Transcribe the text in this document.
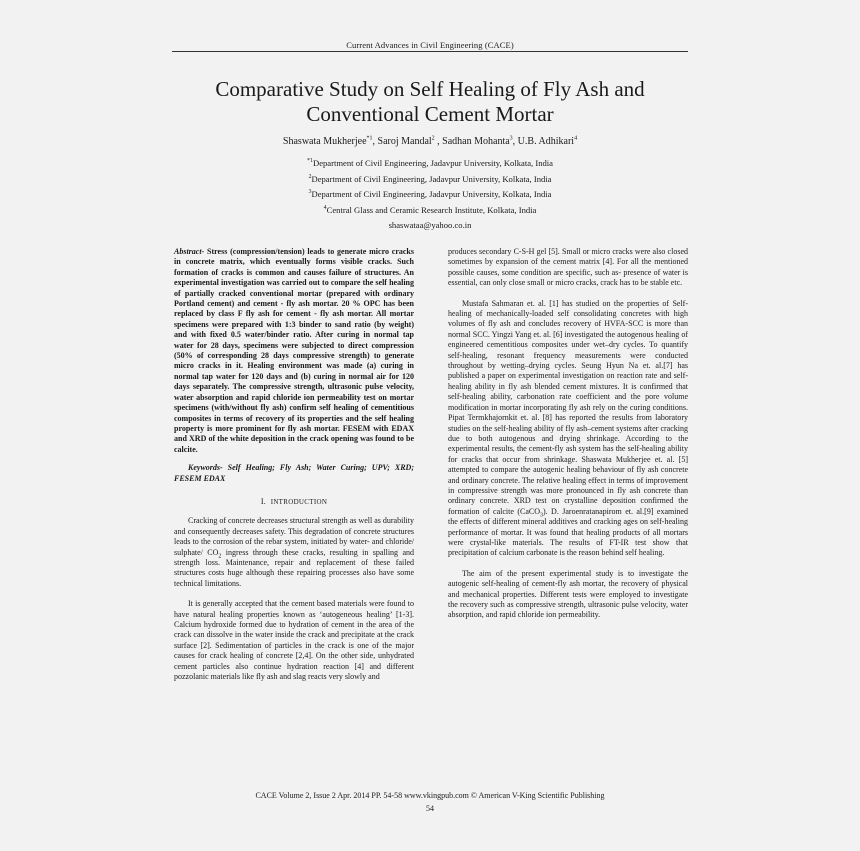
Current Advances in Civil Engineering (CACE)
Comparative Study on Self Healing of Fly Ash and
Conventional Cement Mortar
Shaswata Mukherjee$^{*1}$, Saroj Mandal$^2$ , Sadhan Mohanta$^3$, U.B. Adhikari$^4$
$^{*1}$Department of Civil Engineering, Jadavpur University, Kolkata, India
$^2$Department of Civil Engineering, Jadavpur University, Kolkata, India
$^3$Department of Civil Engineering, Jadavpur University, Kolkata, India
$^4$Central Glass and Ceramic Research Institute, Kolkata, India
shaswataa@yahoo.co.in

Abstract- Stress (compression/tension) leads to generate micro cracks in concrete matrix, which eventually forms visible cracks. Such formation of cracks is common and causes failure of structures. An experimental investigation was carried out to compare the self healing of partially cracked conventional mortar (prepared with ordinary Portland cement) and cement - fly ash mortar. 20 % OPC has been replaced by class F fly ash for cement - fly ash mortar. All mortar specimens were prepared with 1:3 binder to sand ratio (by weight) and with fixed 0.5 water/binder ratio. After curing in normal tap water for 28 days, specimens were subjected to direct compression (50% of corresponding 28 days compressive strength) to generate micro cracks in it. Healing environment was made (a) curing in normal tap water for 120 days and (b) curing in normal air for 120 days separately. The compressive strength, ultrasonic pulse velocity, water absorption and rapid chloride ion permeability test on mortar specimens (with/without fly ash) confirm self healing of cementitious composites in terms of recovery of its properties and the self healing property is more prominent for fly ash mortar. FESEM with EDAX and XRD of the white deposition in the crack opening was found to be calcite.

Keywords- Self Healing; Fly Ash; Water Curing; UPV; XRD; FESEM EDAX

I. INTRODUCTION

Cracking of concrete decreases structural strength as well as durability and consequently decreases safety. This degradation of concrete structures leads to the corrosion of the rebar system, initiated by water- and chloride/ sulphate/ $CO_2$ ingress through these cracks, resulting in spalling and strength loss. Maintenance, repair and replacement of these failed structures costs huge although these repairing processes also have some technical limitations.

It is generally accepted that the cement based materials were found to have natural healing properties known as ‘autogeneous healing’ [1-3]. Calcium hydroxide formed due to hydration of cement in the area of the crack can dissolve in the water inside the crack and precipitate at the crack surface [2]. Sedimentation of particles in the crack is one of the major causes for crack healing of concrete [2,4]. On the other side, unhydrated cement particles also continue hydration reaction [4] and different pozzolanic materials like fly ash and slag reacts very slowly and

produces secondary C-S-H gel [5]. Small or micro cracks were also closed sometimes by expansion of the cement matrix [4]. For all the mentioned possible causes, some condition are specific, such as- presence of water is essential, can only close small or micro cracks, crack has to be stable etc.

Mustafa Sahmaran et. al. [1] has studied on the properties of Self-healing of mechanically-loaded self consolidating concretes with high volumes of fly ash and concludes recovery of HVFA-SCC is more than normal SCC. Yingzi Yang et. al. [6] investigated the autogenous healing of engineered cementitious composites under wet–dry cycles. To quantify self-healing, resonant frequency measurements were conducted throughout by wetting–drying cycles. Seung Hyun Na et. al.[7] has published a paper on experimental investigation on reaction rate and self-healing ability in fly ash blended cement mixtures. It is confirmed that self-healing ability, carbonation rate coefficient and the pore volume modification in mortar incorporating fly ash rely on the curing conditions. Pipat Termkhajornkit et. al. [8] has reported the results from laboratory studies on the self-healing ability of fly ash–cement systems after cracking due to both autogenous and drying shrinkage. According to the experimental results, the cement-fly ash system has the self-healing ability for cracks that occur from shrinkage. Shaswata Mukherjee et. al. [5] attempted to compare the autogenic healing behaviour of fly ash concrete and ordinary concrete. The relative healing effect in terms of improvement in compressive strength was more pronounced in fly ash concrete than ordinary concrete. XRD test on crystalline deposition confirmed the formation of calcite (CaCO$_3$). D. Jaroenratanapirom et. al.[9] examined the effects of different mineral additives and cracking ages on self-healing performance of mortar. It was found that healing products of all mortars were crystal-like materials. The results of FT-IR test show that precipitation of calcium carbonate is the reason behind self healing.

The aim of the present experimental study is to investigate the autogenic self-healing of cement-fly ash mortar, the recovery of physical and mechanical properties. Different tests were employed to investigate the recovery such as compressive strength, ultrasonic pulse velocity, water absorption, and rapid chloride ion permeability.

CACE Volume 2, Issue 2 Apr. 2014 PP. 54-58 www.vkingpub.com © American V-King Scientific Publishing
54
